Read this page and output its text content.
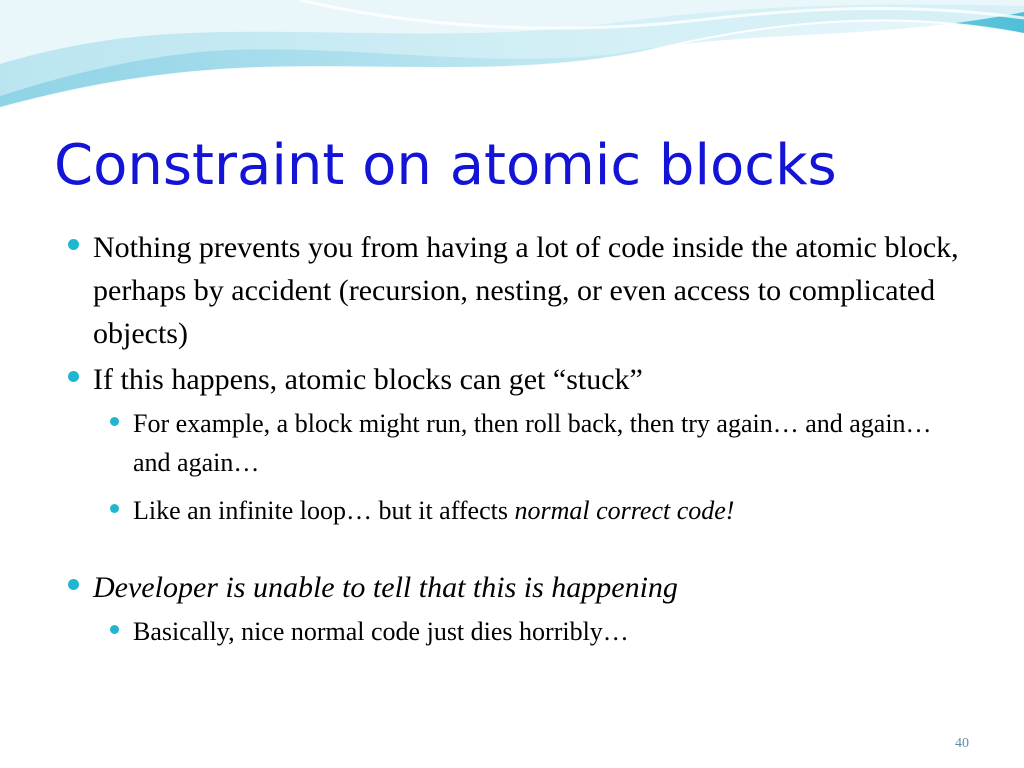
Constraint on atomic blocks
Nothing prevents you from having a lot of code inside the atomic block, perhaps by accident (recursion, nesting, or even access to complicated objects)
If this happens, atomic blocks can get “stuck”
For example, a block might run, then roll back, then try again… and again… and again…
Like an infinite loop… but it affects normal correct code!
Developer is unable to tell that this is happening
Basically, nice normal code just dies horribly…
40
